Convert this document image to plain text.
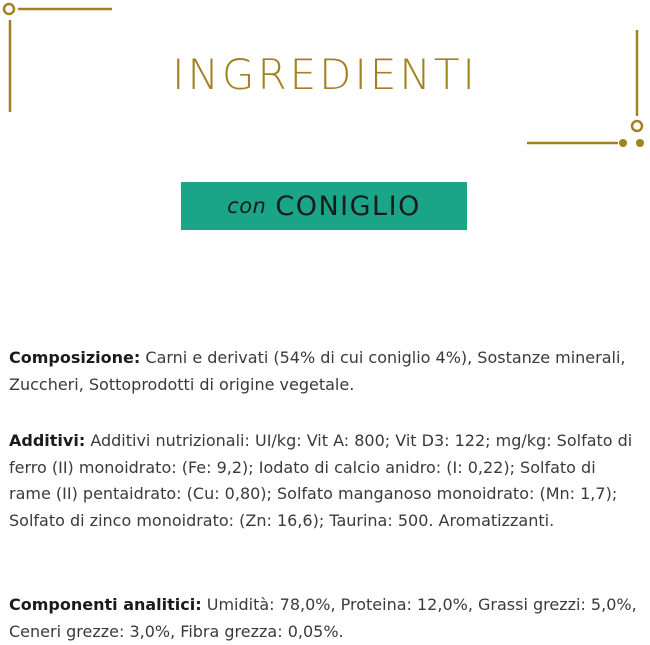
INGREDIENTI
con CONIGLIO
Composizione: Carni e derivati (54% di cui coniglio 4%), Sostanze minerali, Zuccheri, Sottoprodotti di origine vegetale.
Additivi: Additivi nutrizionali: UI/kg: Vit A: 800; Vit D3: 122; mg/kg: Solfato di ferro (II) monoidrato: (Fe: 9,2); Iodato di calcio anidro: (I: 0,22); Solfato di rame (II) pentaidrato: (Cu: 0,80); Solfato manganoso monoidrato: (Mn: 1,7); Solfato di zinco monoidrato: (Zn: 16,6); Taurina: 500. Aromatizzanti.
Componenti analitici: Umidità: 78,0%, Proteina: 12,0%, Grassi grezzi: 5,0%, Ceneri grezze: 3,0%, Fibra grezza: 0,05%.
